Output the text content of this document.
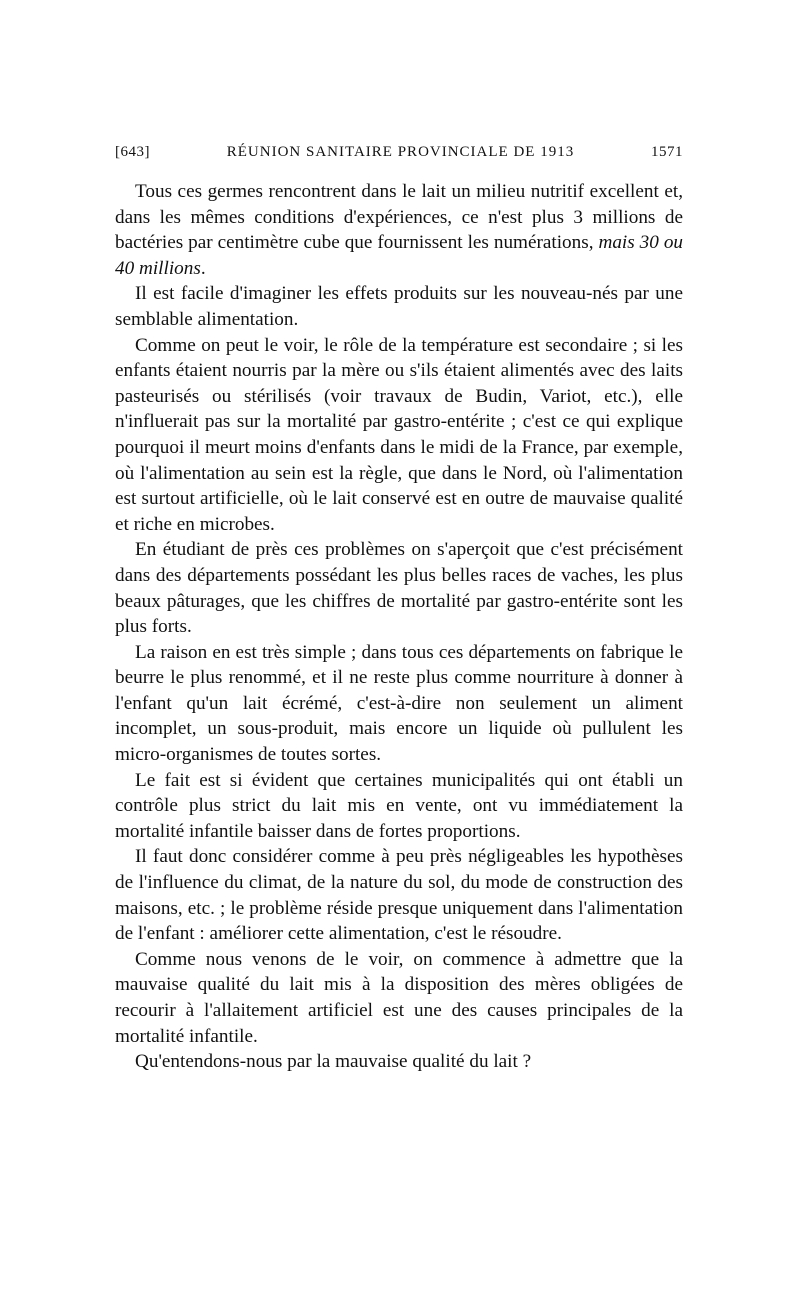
[643]	RÉUNION SANITAIRE PROVINCIALE DE 1913	1571

Tous ces germes rencontrent dans le lait un milieu nutritif excellent et, dans les mêmes conditions d'expériences, ce n'est plus 3 millions de bactéries par centimètre cube que fournissent les numérations, mais 30 ou 40 millions.

Il est facile d'imaginer les effets produits sur les nouveau-nés par une semblable alimentation.

Comme on peut le voir, le rôle de la température est secondaire ; si les enfants étaient nourris par la mère ou s'ils étaient alimentés avec des laits pasteurisés ou stérilisés (voir travaux de Budin, Variot, etc.), elle n'influerait pas sur la mortalité par gastro-entérite ; c'est ce qui explique pourquoi il meurt moins d'enfants dans le midi de la France, par exemple, où l'alimentation au sein est la règle, que dans le Nord, où l'alimentation est surtout artificielle, où le lait conservé est en outre de mauvaise qualité et riche en microbes.

En étudiant de près ces problèmes on s'aperçoit que c'est précisément dans des départements possédant les plus belles races de vaches, les plus beaux pâturages, que les chiffres de mortalité par gastro-entérite sont les plus forts.

La raison en est très simple ; dans tous ces départements on fabrique le beurre le plus renommé, et il ne reste plus comme nourriture à donner à l'enfant qu'un lait écrémé, c'est-à-dire non seulement un aliment incomplet, un sous-produit, mais encore un liquide où pullulent les micro-organismes de toutes sortes.

Le fait est si évident que certaines municipalités qui ont établi un contrôle plus strict du lait mis en vente, ont vu immédiatement la mortalité infantile baisser dans de fortes proportions.

Il faut donc considérer comme à peu près négligeables les hypothèses de l'influence du climat, de la nature du sol, du mode de construction des maisons, etc. ; le problème réside presque uniquement dans l'alimentation de l'enfant : améliorer cette alimentation, c'est le résoudre.

Comme nous venons de le voir, on commence à admettre que la mauvaise qualité du lait mis à la disposition des mères obligées de recourir à l'allaitement artificiel est une des causes principales de la mortalité infantile.

Qu'entendons-nous par la mauvaise qualité du lait ?
